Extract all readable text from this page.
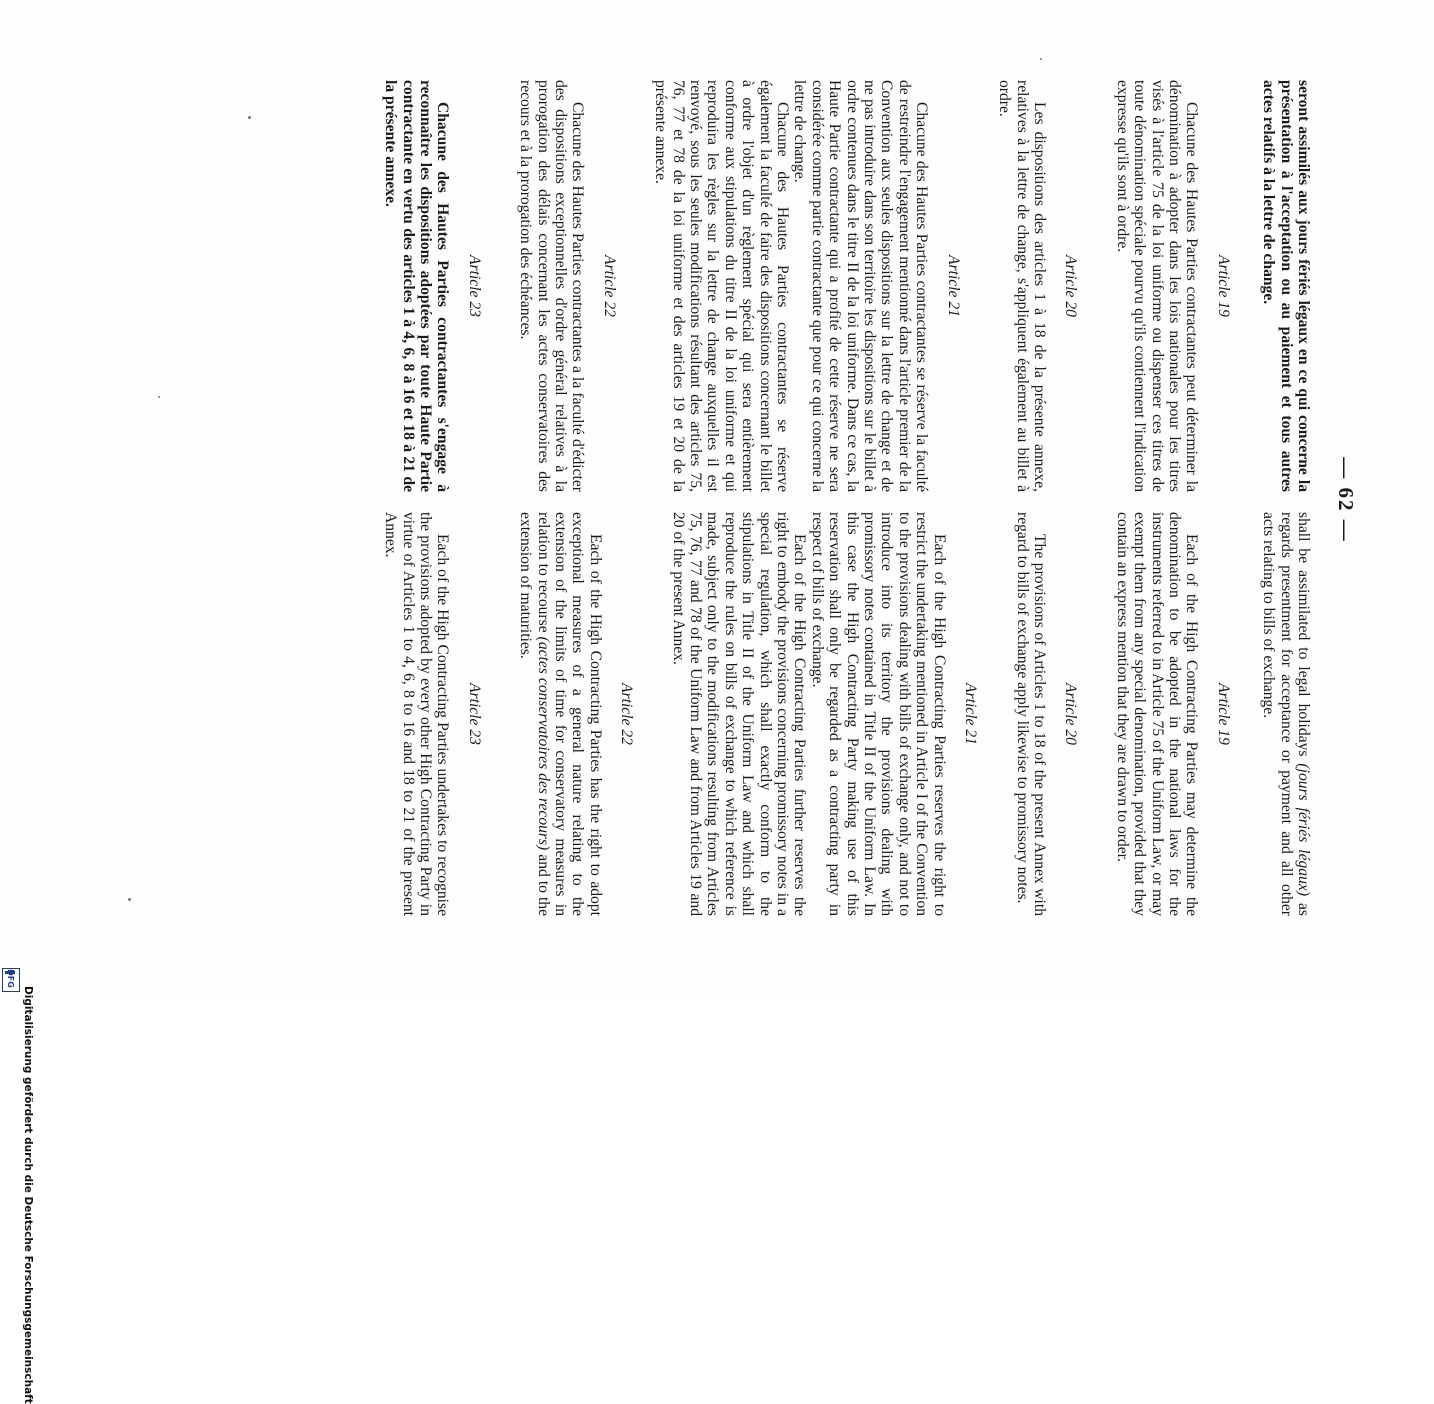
— 62 —

seront assimilés aux jours fériés légaux en ce qui concerne la présentation à l'acceptation ou au paiement et tous autres actes relatifs à la lettre de change.

Article 19

Chacune des Hautes Parties contractantes peut déterminer la dénomination à adopter dans les lois nationales pour les titres visés à l'article 75 de la loi uniforme ou dispenser ces titres de toute dénomination spéciale pourvu qu'ils contiennent l'indication expresse qu'ils sont à ordre.

Article 20

Les dispositions des articles 1 à 18 de la présente annexe, relatives à la lettre de change, s'appliquent également au billet à ordre.

Article 21

Chacune des Hautes Parties contractantes se réserve la faculté de restreindre l'engagement mentionné dans l'article premier de la Convention aux seules dispositions sur la lettre de change et de ne pas introduire dans son territoire les dispositions sur le billet à ordre contenues dans le titre II de la loi uniforme. Dans ce cas, la Haute Partie contractante qui a profité de cette réserve ne sera considérée comme partie contractante que pour ce qui concerne la lettre de change.

Chacune des Hautes Parties contractantes se réserve également la faculté de faire des dispositions concernant le billet à ordre l'objet d'un règlement spécial qui sera entièrement conforme aux stipulations du titre II de la loi uniforme et qui reproduira les règles sur la lettre de change auxquelles il est renvoyé, sous les seules modifications résultant des articles 75, 76, 77 et 78 de la loi uniforme et des articles 19 et 20 de la présente annexe.

Article 22

Chacune des Hautes Parties contractantes a la faculté d'édicter des dispositions exceptionnelles d'ordre général relatives à la prorogation des délais concernant les actes conservatoires des recours et à la prorogation des échéances.

Article 23

Chacune des Hautes Parties contractantes s'engage à reconnaître les dispositions adoptées par toute Haute Partie contractante en vertu des articles 1 à 4, 6, 8 à 16 et 18 à 21 de la présente annexe.

shall be assimilated to legal holidays (jours fériés légaux) as regards presentment for acceptance or payment and all other acts relating to bills of exchange.

Article 19

Each of the High Contracting Parties may determine the denomination to be adopted in the national laws for the instruments referred to in Article 75 of the Uniform Law, or may exempt them from any special denomination, provided that they contain an express mention that they are drawn to order.

Article 20

The provisions of Articles 1 to 18 of the present Annex with regard to bills of exchange apply likewise to promissory notes.

Article 21

Each of the High Contracting Parties reserves the right to restrict the undertaking mentioned in Article I of the Convention to the provisions dealing with bills of exchange only, and not to introduce into its territory the provisions dealing with promissory notes contained in Title II of the Uniform Law. In this case the High Contracting Party making use of this reservation shall only be regarded as a contracting party in respect of bills of exchange.

Each of the High Contracting Parties further reserves the right to embody the provisions concerning promissory notes in a special regulation, which shall exactly conform to the stipulations in Title II of the Uniform Law and which shall reproduce the rules on bills of exchange to which reference is made, subject only to the modifications resulting from Articles 75, 76, 77 and 78 of the Uniform Law and from Articles 19 and 20 of the present Annex.

Article 22

Each of the High Contracting Parties has the right to adopt exceptional measures of a general nature relating to the extension of the limits of time for conservatory measures in relation to recourse (actes conservatoires des recours) and to the extension of maturities.

Article 23

Each of the High Contracting Parties undertakes to recognise the provisions adopted by every other High Contracting Party in virtue of Articles 1 to 4, 6, 8 to 16 and 18 to 21 of the present Annex.

Digitalisierung gefördert durch die Deutsche Forschungsgemeinschaft
DFG
